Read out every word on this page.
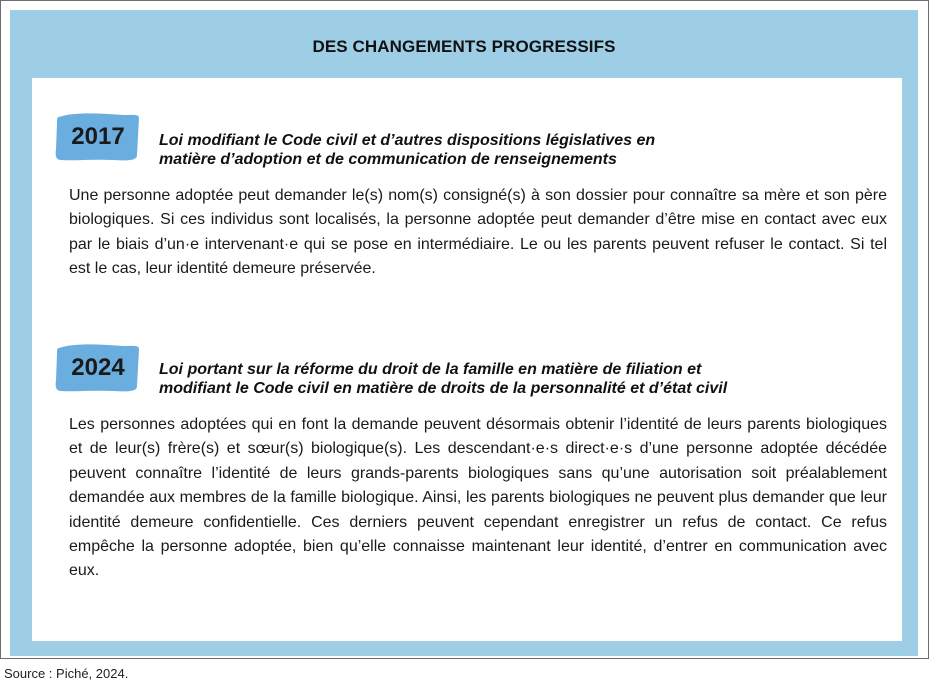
DES CHANGEMENTS PROGRESSIFS
2017	Loi modifiant le Code civil et d’autres dispositions législatives en
matière d’adoption et de communication de renseignements
Une personne adoptée peut demander le(s) nom(s) consigné(s) à son dossier pour connaître sa mère et son père biologiques. Si ces individus sont localisés, la personne adoptée peut demander d’être mise en contact avec eux par le biais d’un·e intervenant·e qui se pose en intermédiaire. Le ou les parents peuvent refuser le contact. Si tel est le cas, leur identité demeure préservée.
2024	Loi portant sur la réforme du droit de la famille en matière de filiation et
modifiant le Code civil en matière de droits de la personnalité et d’état civil
Les personnes adoptées qui en font la demande peuvent désormais obtenir l’identité de leurs parents biologiques et de leur(s) frère(s) et sœur(s) biologique(s). Les descendant·e·s direct·e·s d’une personne adoptée décédée peuvent connaître l’identité de leurs grands-parents biologiques sans qu’une autorisation soit préalablement demandée aux membres de la famille biologique. Ainsi, les parents biologiques ne peuvent plus demander que leur identité demeure confidentielle. Ces derniers peuvent cependant enregistrer un refus de contact. Ce refus empêche la personne adoptée, bien qu’elle connaisse maintenant leur identité, d’entrer en communication avec eux.
Source : Piché, 2024.
